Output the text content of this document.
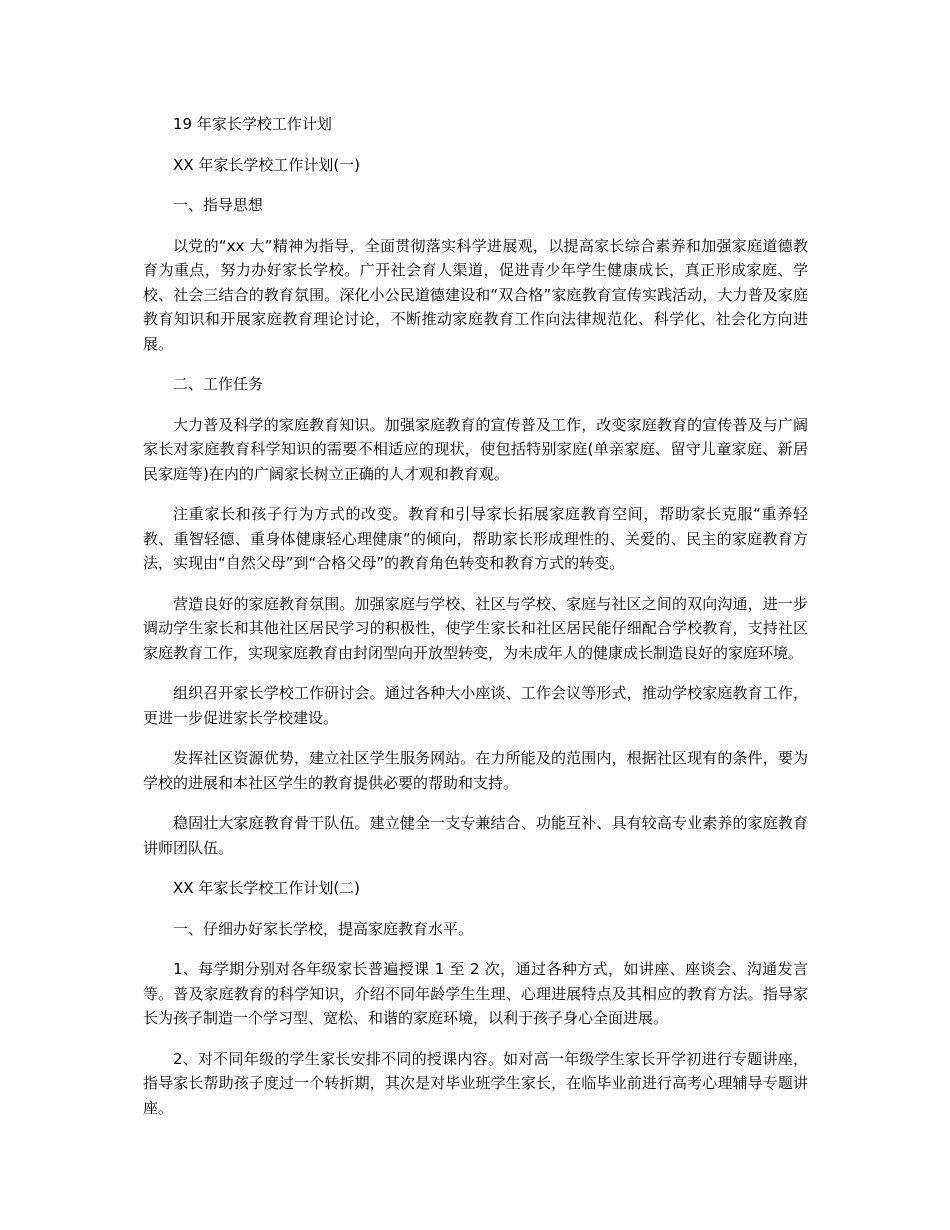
19 年家长学校工作计划

XX 年家长学校工作计划(一)

一、指导思想

以党的“xx 大”精神为指导，全面贯彻落实科学进展观，以提高家长综合素养和加强家庭道德教育为重点，努力办好家长学校。广开社会育人渠道，促进青少年学生健康成长，真正形成家庭、学校、社会三结合的教育氛围。深化小公民道德建设和“双合格”家庭教育宣传实践活动，大力普及家庭教育知识和开展家庭教育理论讨论，不断推动家庭教育工作向法律规范化、科学化、社会化方向进展。

二、工作任务

大力普及科学的家庭教育知识。加强家庭教育的宣传普及工作，改变家庭教育的宣传普及与广阔家长对家庭教育科学知识的需要不相适应的现状，使包括特别家庭(单亲家庭、留守儿童家庭、新居民家庭等)在内的广阔家长树立正确的人才观和教育观。

注重家长和孩子行为方式的改变。教育和引导家长拓展家庭教育空间，帮助家长克服“重养轻教、重智轻德、重身体健康轻心理健康”的倾向，帮助家长形成理性的、关爱的、民主的家庭教育方法，实现由“自然父母”到“合格父母”的教育角色转变和教育方式的转变。

营造良好的家庭教育氛围。加强家庭与学校、社区与学校、家庭与社区之间的双向沟通，进一步调动学生家长和其他社区居民学习的积极性，使学生家长和社区居民能仔细配合学校教育，支持社区家庭教育工作，实现家庭教育由封闭型向开放型转变，为未成年人的健康成长制造良好的家庭环境。

组织召开家长学校工作研讨会。通过各种大小座谈、工作会议等形式，推动学校家庭教育工作，更进一步促进家长学校建设。

发挥社区资源优势，建立社区学生服务网站。在力所能及的范围内，根据社区现有的条件，要为学校的进展和本社区学生的教育提供必要的帮助和支持。

稳固壮大家庭教育骨干队伍。建立健全一支专兼结合、功能互补、具有较高专业素养的家庭教育讲师团队伍。

XX 年家长学校工作计划(二)

一、仔细办好家长学校，提高家庭教育水平。

1、每学期分别对各年级家长普遍授课 1 至 2 次，通过各种方式，如讲座、座谈会、沟通发言等。普及家庭教育的科学知识，介绍不同年龄学生生理、心理进展特点及其相应的教育方法。指导家长为孩子制造一个学习型、宽松、和谐的家庭环境，以利于孩子身心全面进展。

2、对不同年级的学生家长安排不同的授课内容。如对高一年级学生家长开学初进行专题讲座，指导家长帮助孩子度过一个转折期，其次是对毕业班学生家长，在临毕业前进行高考心理辅导专题讲座。
